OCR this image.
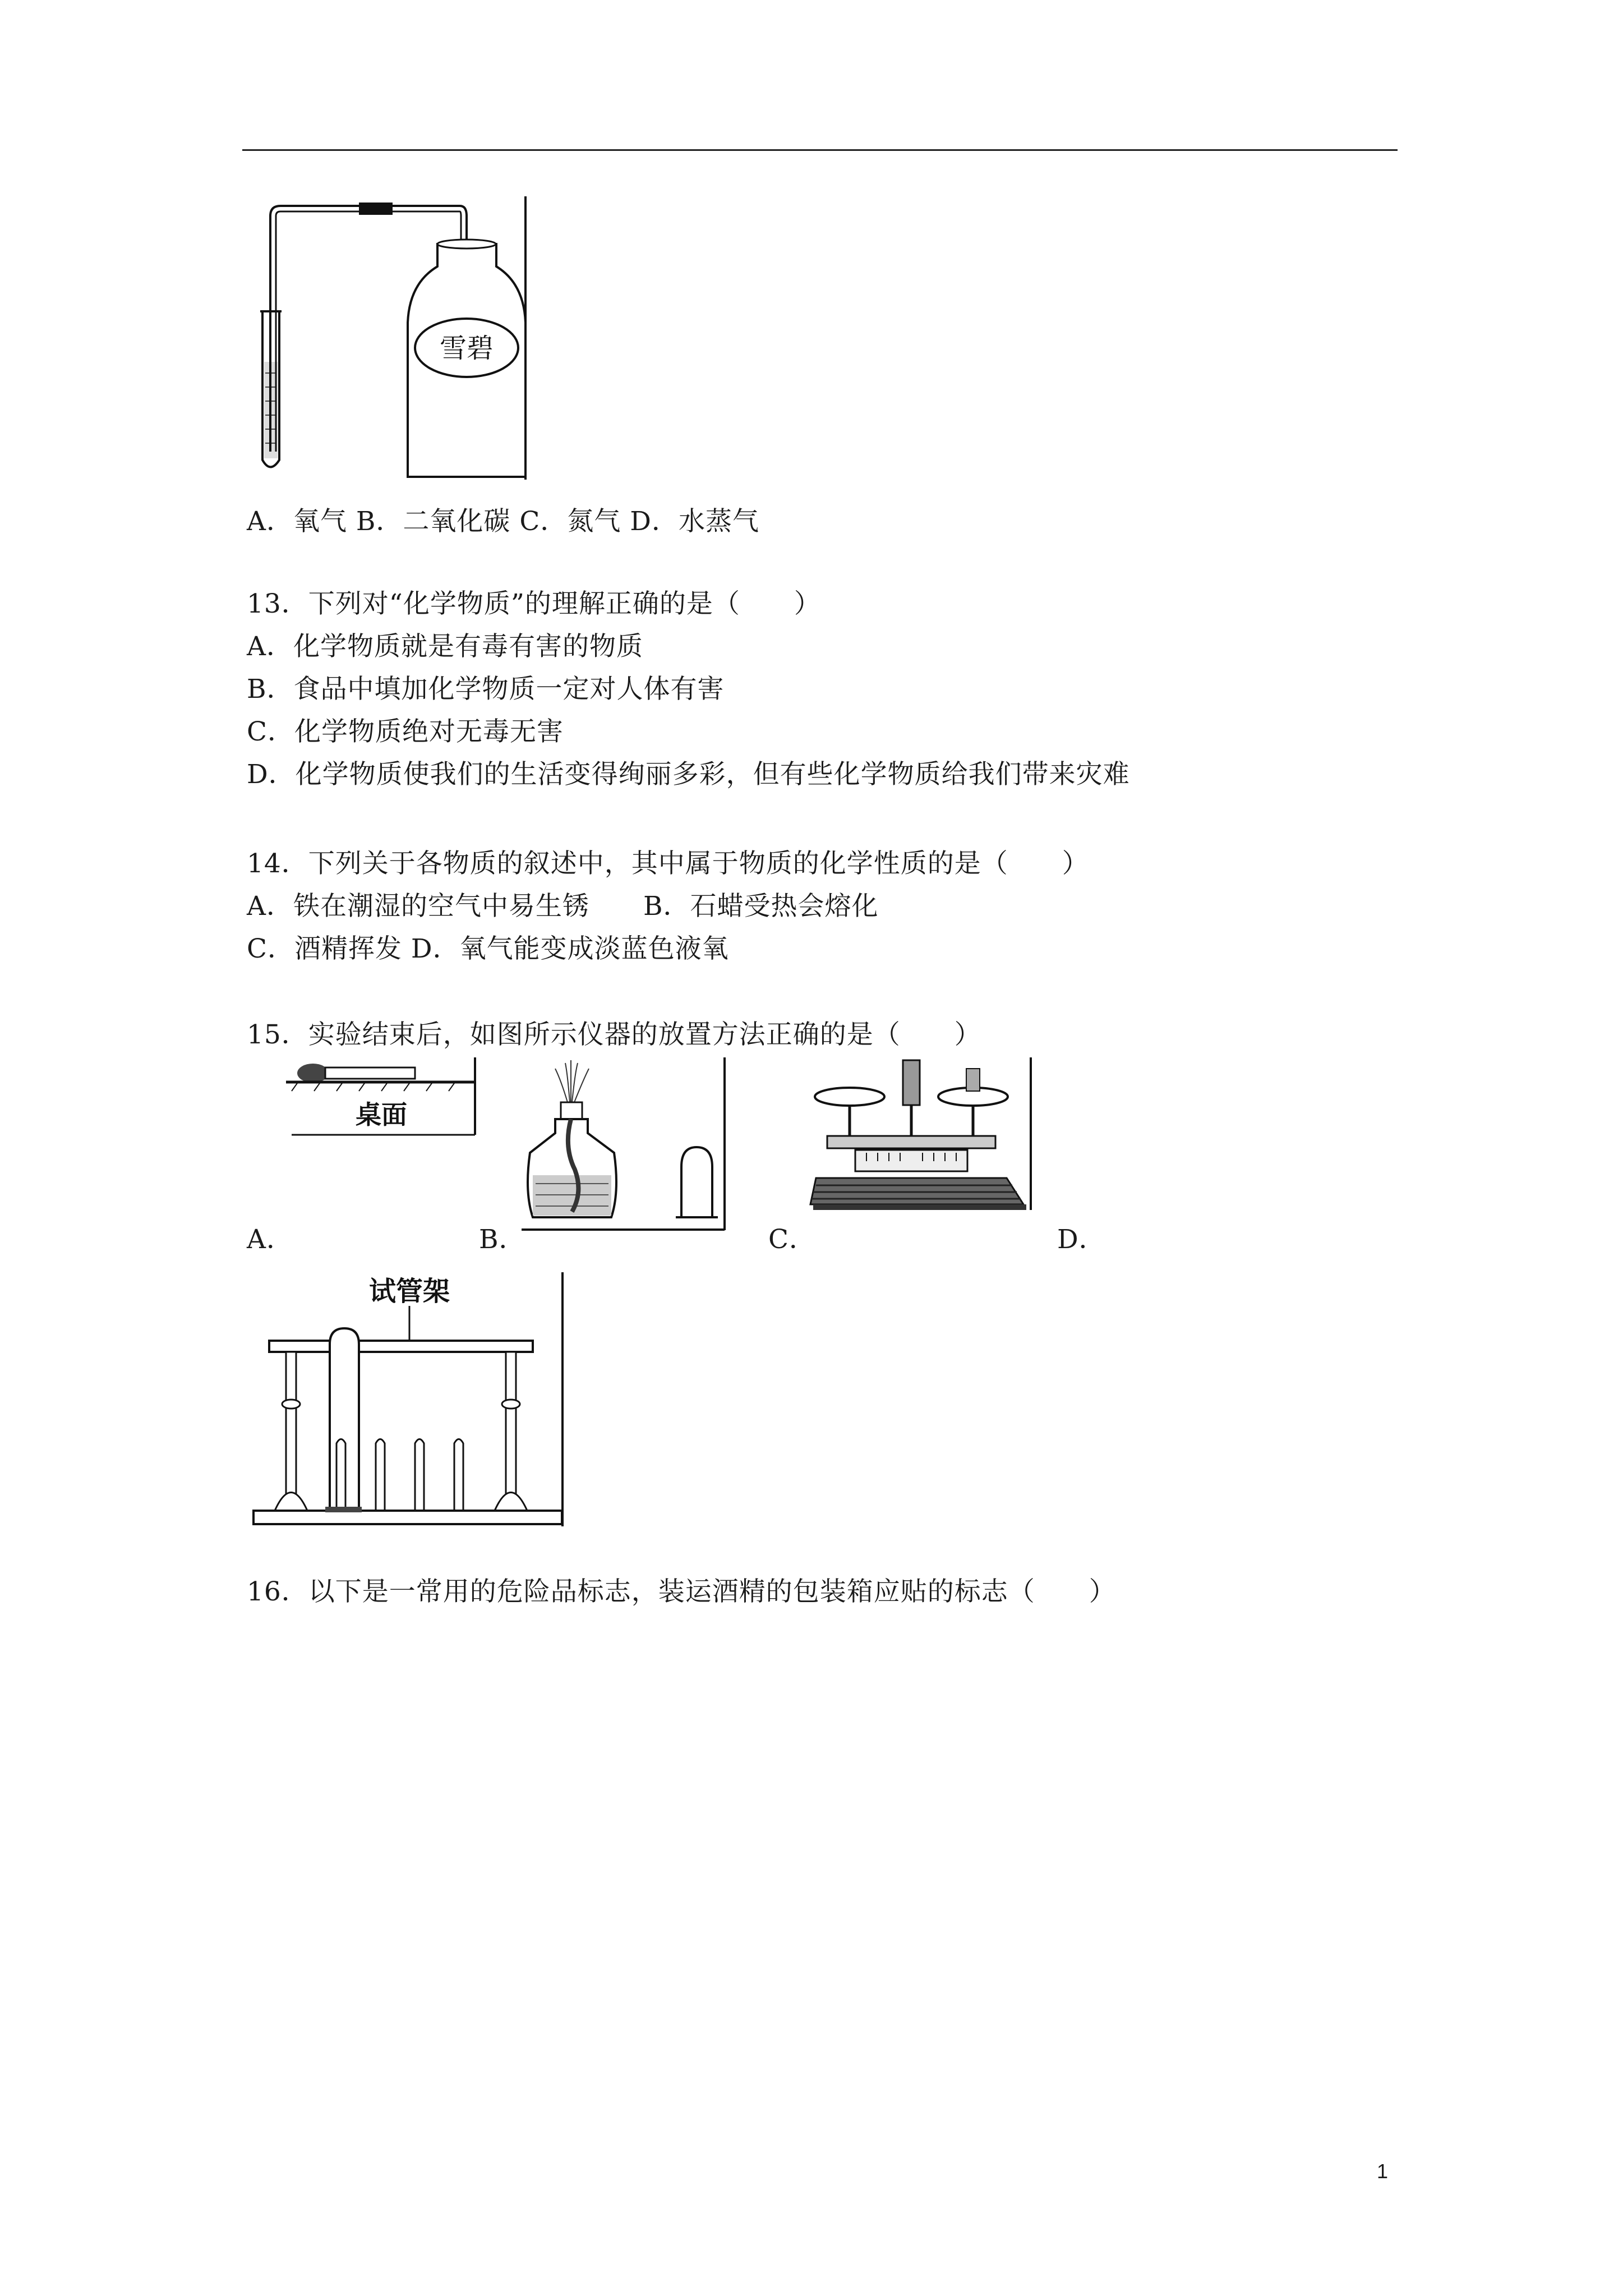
雪碧
A．氧气 B．二氧化碳 C．氮气 D．水蒸气
13．下列对“化学物质”的理解正确的是（　　）
A．化学物质就是有毒有害的物质
B．食品中填加化学物质一定对人体有害
C．化学物质绝对无毒无害
D．化学物质使我们的生活变得绚丽多彩，但有些化学物质给我们带来灾难
14．下列关于各物质的叙述中，其中属于物质的化学性质的是（　　）
A．铁在潮湿的空气中易生锈　　B．石蜡受热会熔化
C．酒精挥发 D．氧气能变成淡蓝色液氧
15．实验结束后，如图所示仪器的放置方法正确的是（　　）
桌面
A．	B．	C．	D．
试管架
16．以下是一常用的危险品标志，装运酒精的包装箱应贴的标志（　　）
1
